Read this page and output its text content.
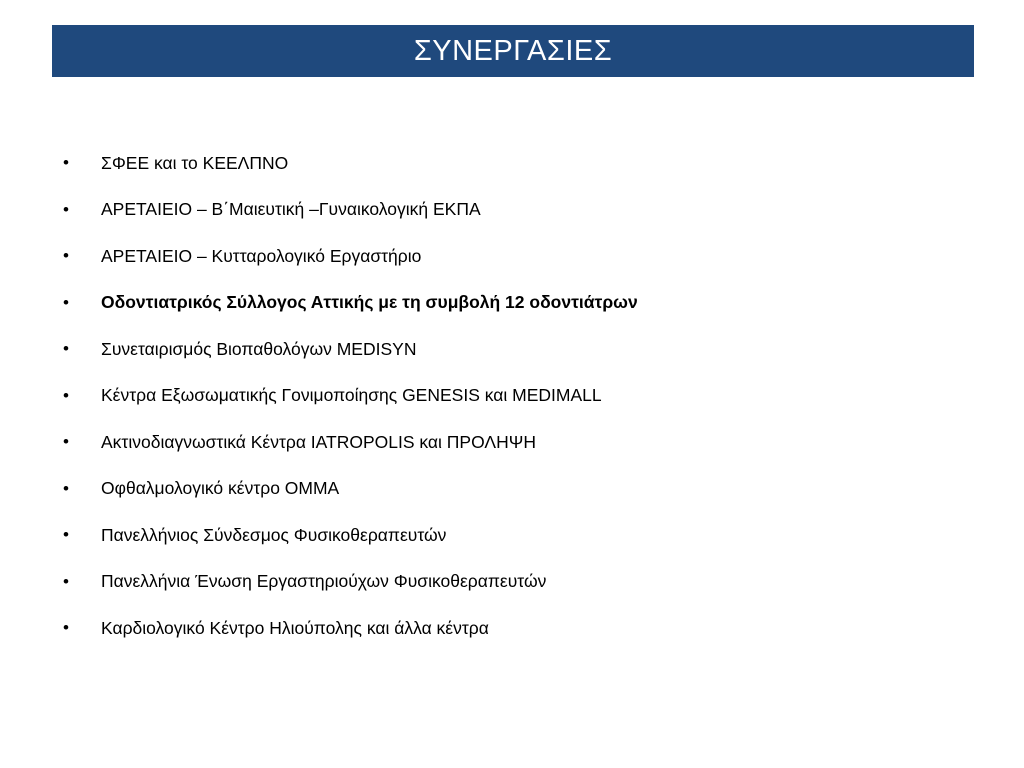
ΣΥΝΕΡΓΑΣΙΕΣ
• ΣΦΕΕ και το ΚΕΕΛΠΝΟ
• ΑΡΕΤΑΙΕΙΟ – Β΄Μαιευτική –Γυναικολογική ΕΚΠΑ
• ΑΡΕΤΑΙΕΙΟ – Κυτταρολογικό Εργαστήριο
• Οδοντιατρικός Σύλλογος Αττικής με τη συμβολή 12 οδοντιάτρων
• Συνεταιρισμός Βιοπαθολόγων MEDISYN
• Κέντρα Εξωσωματικής Γονιμοποίησης GENESIS και MEDIMALL
• Ακτινοδιαγνωστικά Κέντρα IATROPOLIS και ΠΡΟΛΗΨΗ
• Οφθαλμολογικό κέντρο ΟΜΜΑ
• Πανελλήνιος Σύνδεσμος Φυσικοθεραπευτών
• Πανελλήνια Ένωση Εργαστηριούχων Φυσικοθεραπευτών
• Καρδιολογικό Κέντρο Ηλιούπολης και άλλα κέντρα
